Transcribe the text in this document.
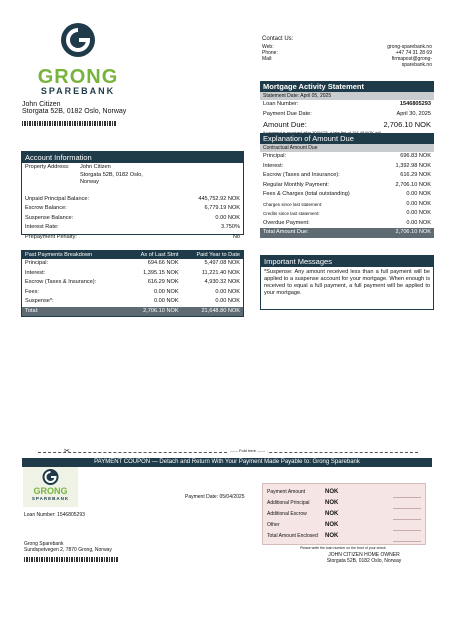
GRONG
SPAREBANK
Contact Us:
Web:	grong-sparebank.no
Phone:	+47 74 31 28 69
Mail:	firmapost@grong-sparebank.no
John Citizen
Storgata 52B, 0182 Oslo, Norway
Mortgage Activity Statement
Statement Date: April 05, 2025
Loan Number:	1546805293
Payment Due Date:	April 30, 2025
Amount Due:	2,706.10 NOK
Explanation of Amount Due
Contractual Amount Due
Principal:	696.83 NOK
Interest:	1,392.98 NOK
Escrow (Taxes and Insurance):	616.29 NOK
Regular Monthly Payment:	2,706.10 NOK
Fees & Charges (total outstanding)	0.00 NOK
Charges since last statement:	0.00 NOK
Credits since last statement:	0.00 NOK
Overdue Payment:	0.00 NOK
Total Amount Due:	2,706.10 NOK
Account Information
Property Address:	John Citizen
Storgata 52B, 0182 Oslo,
Norway
Unpaid Principal Balance:	445,752.92 NOK
Escrow Balance:	6,779.19 NOK
Suspense Balance:	0.00 NOK
Interest Rate:	3.750%
Prepayment Penalty:	No
Past Payments Breakdown	As of Last Stmt	Paid Year to Date
Principal:	694.66 NOK	5,497.08 NOK
Interest:	1,395.15 NOK	11,221.40 NOK
Escrow (Taxes & Insurance):	616.29 NOK	4,930.32 NOK
Fees:	0.00 NOK	0.00 NOK
Suspense*:	0.00 NOK	0.00 NOK
Total:	2,706.10 NOK	21,648.80 NOK
Important Messages
*Suspense: Any amount received less than a full payment will be applied to a suspense account for your mortgage. When enough is received to equal a full payment, a full payment will be applied to your mortgage.
------ Fold here ------
✂
PAYMENT COUPON — Detach and Return With Your Payment Made Payable to: Grong Sparebank
GRONG
SPAREBANK
Loan Number: 1546805293
Payment Date: 05/04/2025
Grong Sparebank
Sundspetvegen 2, 7870 Grong, Norway
Payment Amount	NOK
Additional Principal	NOK
Additional Escrow	NOK
Other	NOK
Total Amount Enclosed	NOK
Please write the loan number on the front of your check
JOHN CITIZEN HOME OWNER
Storgata 52B, 0182 Oslo, Norway
